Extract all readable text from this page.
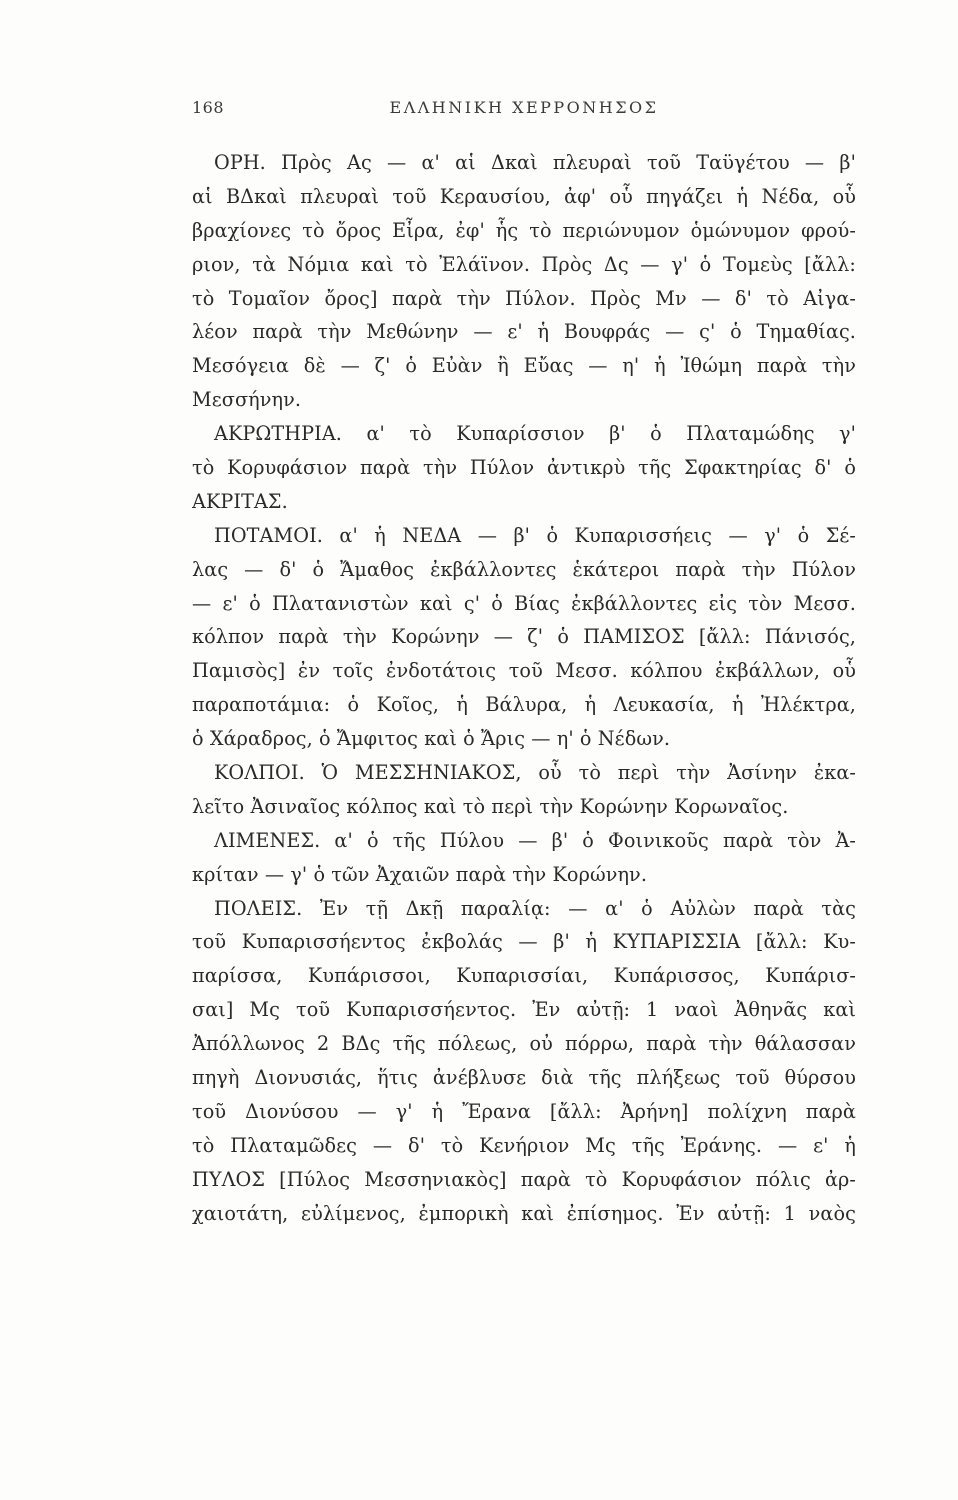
168	ΕΛΛΗΝΙΚΗ ΧΕΡΡΟΝΗΣΟΣ
ΟΡΗ. Πρὸς Ας — α' αἱ Δκαὶ πλευραὶ τοῦ Ταϋγέτου — β'
αἱ ΒΔκαὶ πλευραὶ τοῦ Κεραυσίου, ἀφ' οὗ πηγάζει ἡ Νέδα, οὗ
βραχίονες τὸ ὄρος Εἶρα, ἐφ' ἧς τὸ περιώνυμον ὁμώνυμον φρού-
ριον, τὰ Νόμια καὶ τὸ Ἐλάϊνον. Πρὸς Δς — γ' ὁ Τομεὺς [ἄλλ:
τὸ Τομαῖον ὄρος] παρὰ τὴν Πύλον. Πρὸς Μν — δ' τὸ Αἰγα-
λέον παρὰ τὴν Μεθώνην — ε' ἡ Βουφράς — ς' ὁ Τημαθίας.
Μεσόγεια δὲ — ζ' ὁ Εὐὰν ἢ Εὔας — η' ἡ Ἰθώμη παρὰ τὴν
Μεσσήνην.
ΑΚΡΩΤΗΡΙΑ. α' τὸ Κυπαρίσσιον β' ὁ Πλαταμώδης γ'
τὸ Κορυφάσιον παρὰ τὴν Πύλον ἀντικρὺ τῆς Σφακτηρίας δ' ὁ
ΑΚΡΙΤΑΣ.
ΠΟΤΑΜΟΙ. α' ἡ ΝΕΔΑ — β' ὁ Κυπαρισσήεις — γ' ὁ Σέ-
λας — δ' ὁ Ἄμαθος ἐκβάλλοντες ἑκάτεροι παρὰ τὴν Πύλον
— ε' ὁ Πλατανιστὼν καὶ ς' ὁ Βίας ἐκβάλλοντες εἰς τὸν Μεσσ.
κόλπον παρὰ τὴν Κορώνην — ζ' ὁ ΠΑΜΙΣΟΣ [ἄλλ: Πάνισός,
Παμισὸς] ἐν τοῖς ἐνδοτάτοις τοῦ Μεσσ. κόλπου ἐκβάλλων, οὗ
παραποτάμια: ὁ Κοῖος, ἡ Βάλυρα, ἡ Λευκασία, ἡ Ἠλέκτρα,
ὁ Χάραδρος, ὁ Ἄμφιτος καὶ ὁ Ἄρις — η' ὁ Νέδων.
ΚΟΛΠΟΙ. Ὁ ΜΕΣΣΗΝΙΑΚΟΣ, οὗ τὸ περὶ τὴν Ἀσίνην ἐκα-
λεῖτο Ἀσιναῖος κόλπος καὶ τὸ περὶ τὴν Κορώνην Κορωναῖος.
ΛΙΜΕΝΕΣ. α' ὁ τῆς Πύλου — β' ὁ Φοινικοῦς παρὰ τὸν Ἀ-
κρίταν — γ' ὁ τῶν Ἀχαιῶν παρὰ τὴν Κορώνην.
ΠΟΛΕΙΣ. Ἐν τῇ Δκῇ παραλίᾳ: — α' ὁ Αὐλὼν παρὰ τὰς
τοῦ Κυπαρισσήεντος ἐκβολάς — β' ἡ ΚΥΠΑΡΙΣΣΙΑ [ἄλλ: Κυ-
παρίσσα, Κυπάρισσοι, Κυπαρισσίαι, Κυπάρισσος, Κυπάρισ-
σαι] Μς τοῦ Κυπαρισσήεντος. Ἐν αὐτῇ: 1 ναοὶ Ἀθηνᾶς καὶ
Ἀπόλλωνος 2 ΒΔς τῆς πόλεως, οὐ πόρρω, παρὰ τὴν θάλασσαν
πηγὴ Διονυσιάς, ἥτις ἀνέβλυσε διὰ τῆς πλήξεως τοῦ θύρσου
τοῦ Διονύσου — γ' ἡ Ἔρανα [ἄλλ: Ἀρήνη] πολίχνη παρὰ
τὸ Πλαταμῶδες — δ' τὸ Κενήριον Μς τῆς Ἐράνης. — ε' ἡ
ΠΥΛΟΣ [Πύλος Μεσσηνιακὸς] παρὰ τὸ Κορυφάσιον πόλις ἀρ-
χαιοτάτη, εὐλίμενος, ἐμπορικὴ καὶ ἐπίσημος. Ἐν αὐτῇ: 1 ναὸς
